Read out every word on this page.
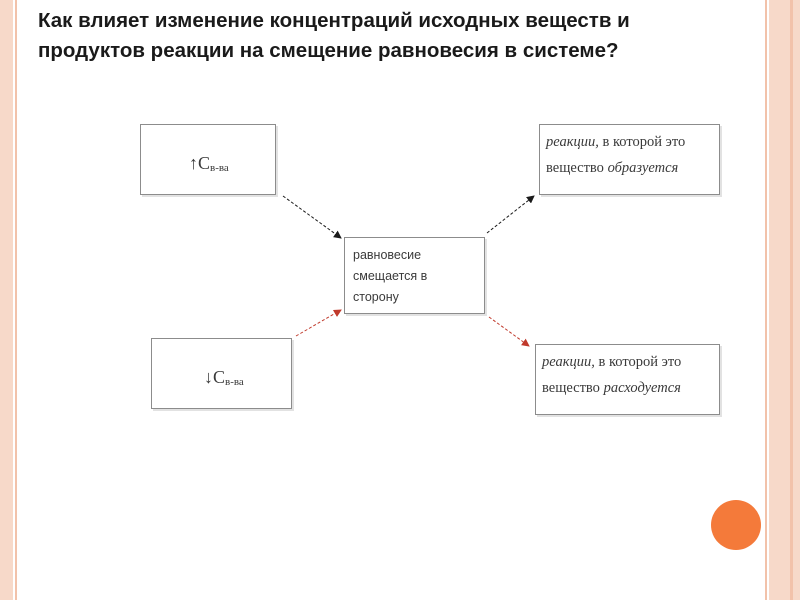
Как влияет изменение концентраций исходных веществ и
продуктов реакции на смещение равновесия в системе?
↑Cв-ва
↓Cв-ва
равновесие
смещается в
сторону
реакции, в которой это
вещество образуется
реакции, в которой это
вещество расходуется
